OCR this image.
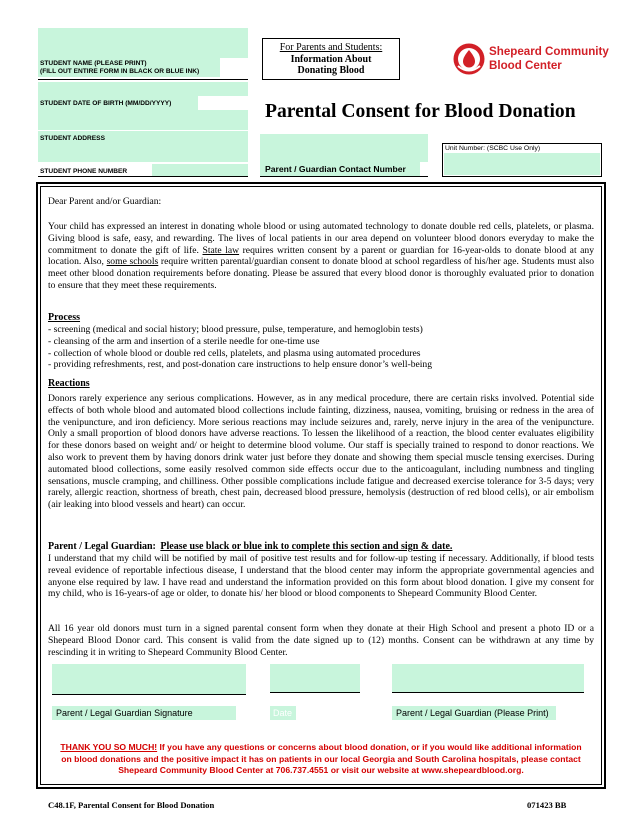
STUDENT NAME (PLEASE PRINT)
(FILL OUT ENTIRE FORM IN BLACK OR BLUE INK)
STUDENT DATE OF BIRTH (MM/DD/YYYY)
STUDENT ADDRESS
STUDENT PHONE NUMBER
For Parents and Students:
Information About
Donating Blood
Shepeard Community
Blood Center
Parental Consent for Blood Donation
Parent / Guardian Contact Number
Unit Number: (SCBC Use Only)
Dear Parent and/or Guardian:

Your child has expressed an interest in donating whole blood or using automated technology to donate double red cells, platelets, or plasma. Giving blood is safe, easy, and rewarding. The lives of local patients in our area depend on volunteer blood donors everyday to make the commitment to donate the gift of life. State law requires written consent by a parent or guardian for 16-year-olds to donate blood at any location. Also, some schools require written parental/guardian consent to donate blood at school regardless of his/her age. Students must also meet other blood donation requirements before donating. Please be assured that every blood donor is thoroughly evaluated prior to donation to ensure that they meet these requirements.

Process
- screening (medical and social history; blood pressure, pulse, temperature, and hemoglobin tests)
- cleansing of the arm and insertion of a sterile needle for one-time use
- collection of whole blood or double red cells, platelets, and plasma using automated procedures
- providing refreshments, rest, and post-donation care instructions to help ensure donor’s well-being
Reactions

Donors rarely experience any serious complications. However, as in any medical procedure, there are certain risks involved. Potential side effects of both whole blood and automated blood collections include fainting, dizziness, nausea, vomiting, bruising or redness in the area of the venipuncture, and iron deficiency. More serious reactions may include seizures and, rarely, nerve injury in the area of the venipuncture. Only a small proportion of blood donors have adverse reactions. To lessen the likelihood of a reaction, the blood center evaluates eligibility for these donors based on weight and/ or height to determine blood volume. Our staff is specially trained to respond to donor reactions. We also work to prevent them by having donors drink water just before they donate and showing them special muscle tensing exercises. During automated blood collections, some easily resolved common side effects occur due to the anticoagulant, including numbness and tingling sensations, muscle cramping, and chilliness. Other possible complications include fatigue and decreased exercise tolerance for 3-5 days; very rarely, allergic reaction, shortness of breath, chest pain, decreased blood pressure, hemolysis (destruction of red blood cells), or air embolism (air leaking into blood vessels and heart) can occur.

Parent / Legal Guardian: Please use black or blue ink to complete this section and sign & date.

I understand that my child will be notified by mail of positive test results and for follow-up testing if necessary. Additionally, if blood tests reveal evidence of reportable infectious disease, I understand that the blood center may inform the appropriate governmental agencies and anyone else required by law. I have read and understand the information provided on this form about blood donation. I give my consent for my child, who is 16-years-of age or older, to donate his/ her blood or blood components to Shepeard Community Blood Center.

All 16 year old donors must turn in a signed parental consent form when they donate at their High School and present a photo ID or a Shepeard Blood Donor card. This consent is valid from the date signed up to (12) months. Consent can be withdrawn at any time by rescinding it in writing to Shepeard Community Blood Center.

Parent / Legal Guardian Signature	Date	Parent / Legal Guardian (Please Print)
THANK YOU SO MUCH! If you have any questions or concerns about blood donation, or if you would like additional information
on blood donations and the positive impact it has on patients in our local Georgia and South Carolina hospitals, please contact
Shepeard Community Blood Center at 706.737.4551 or visit our website at www.shepeardblood.org.
C48.1F, Parental Consent for Blood Donation	071423 BB
